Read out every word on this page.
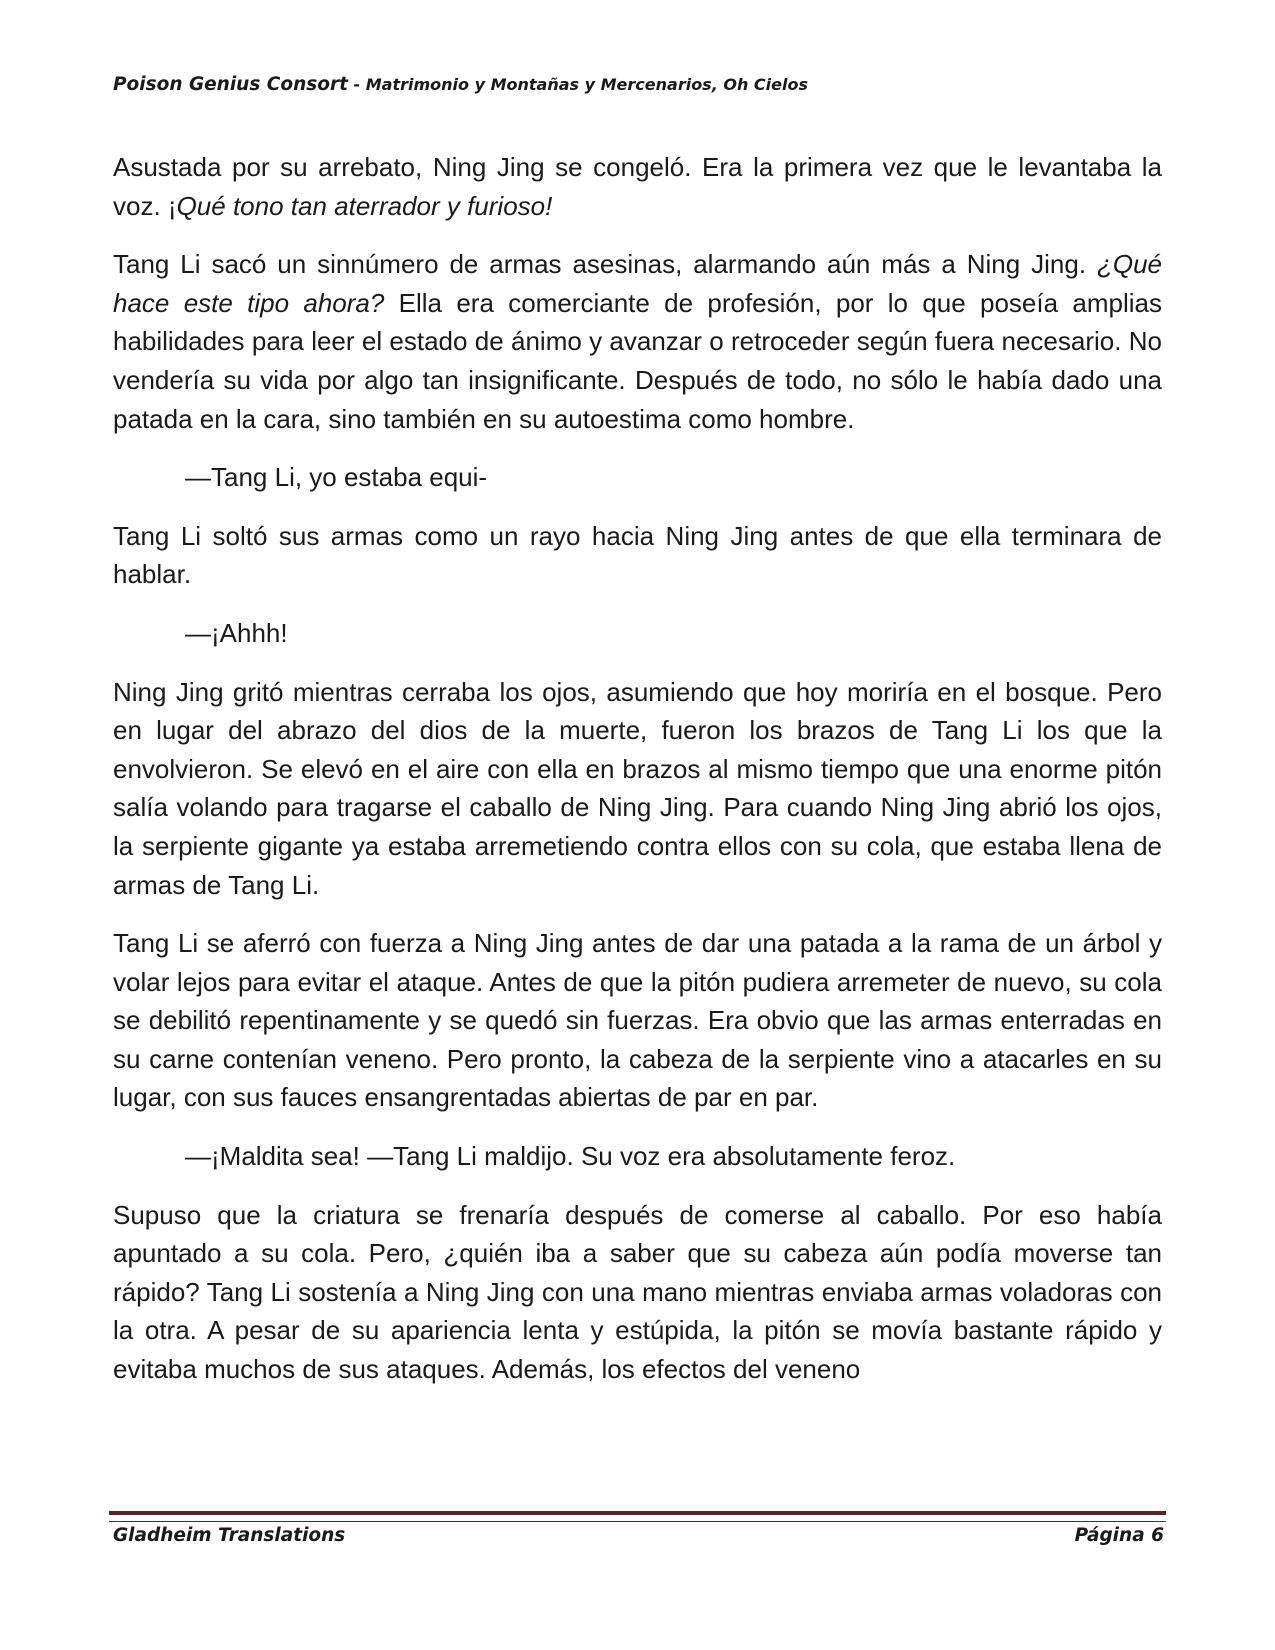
Poison Genius Consort - Matrimonio y Montañas y Mercenarios, Oh Cielos

Asustada por su arrebato, Ning Jing se congeló. Era la primera vez que le levantaba la voz. ¡Qué tono tan aterrador y furioso!

Tang Li sacó un sinnúmero de armas asesinas, alarmando aún más a Ning Jing. ¿Qué hace este tipo ahora? Ella era comerciante de profesión, por lo que poseía amplias habilidades para leer el estado de ánimo y avanzar o retroceder según fuera necesario. No vendería su vida por algo tan insignificante. Después de todo, no sólo le había dado una patada en la cara, sino también en su autoestima como hombre.

—Tang Li, yo estaba equi-

Tang Li soltó sus armas como un rayo hacia Ning Jing antes de que ella terminara de hablar.

—¡Ahhh!

Ning Jing gritó mientras cerraba los ojos, asumiendo que hoy moriría en el bosque. Pero en lugar del abrazo del dios de la muerte, fueron los brazos de Tang Li los que la envolvieron. Se elevó en el aire con ella en brazos al mismo tiempo que una enorme pitón salía volando para tragarse el caballo de Ning Jing. Para cuando Ning Jing abrió los ojos, la serpiente gigante ya estaba arremetiendo contra ellos con su cola, que estaba llena de armas de Tang Li.

Tang Li se aferró con fuerza a Ning Jing antes de dar una patada a la rama de un árbol y volar lejos para evitar el ataque. Antes de que la pitón pudiera arremeter de nuevo, su cola se debilitó repentinamente y se quedó sin fuerzas. Era obvio que las armas enterradas en su carne contenían veneno. Pero pronto, la cabeza de la serpiente vino a atacarles en su lugar, con sus fauces ensangrentadas abiertas de par en par.

—¡Maldita sea! —Tang Li maldijo. Su voz era absolutamente feroz.

Supuso que la criatura se frenaría después de comerse al caballo. Por eso había apuntado a su cola. Pero, ¿quién iba a saber que su cabeza aún podía moverse tan rápido? Tang Li sostenía a Ning Jing con una mano mientras enviaba armas voladoras con la otra. A pesar de su apariencia lenta y estúpida, la pitón se movía bastante rápido y evitaba muchos de sus ataques. Además, los efectos del veneno

Gladheim Translations	Página 6
